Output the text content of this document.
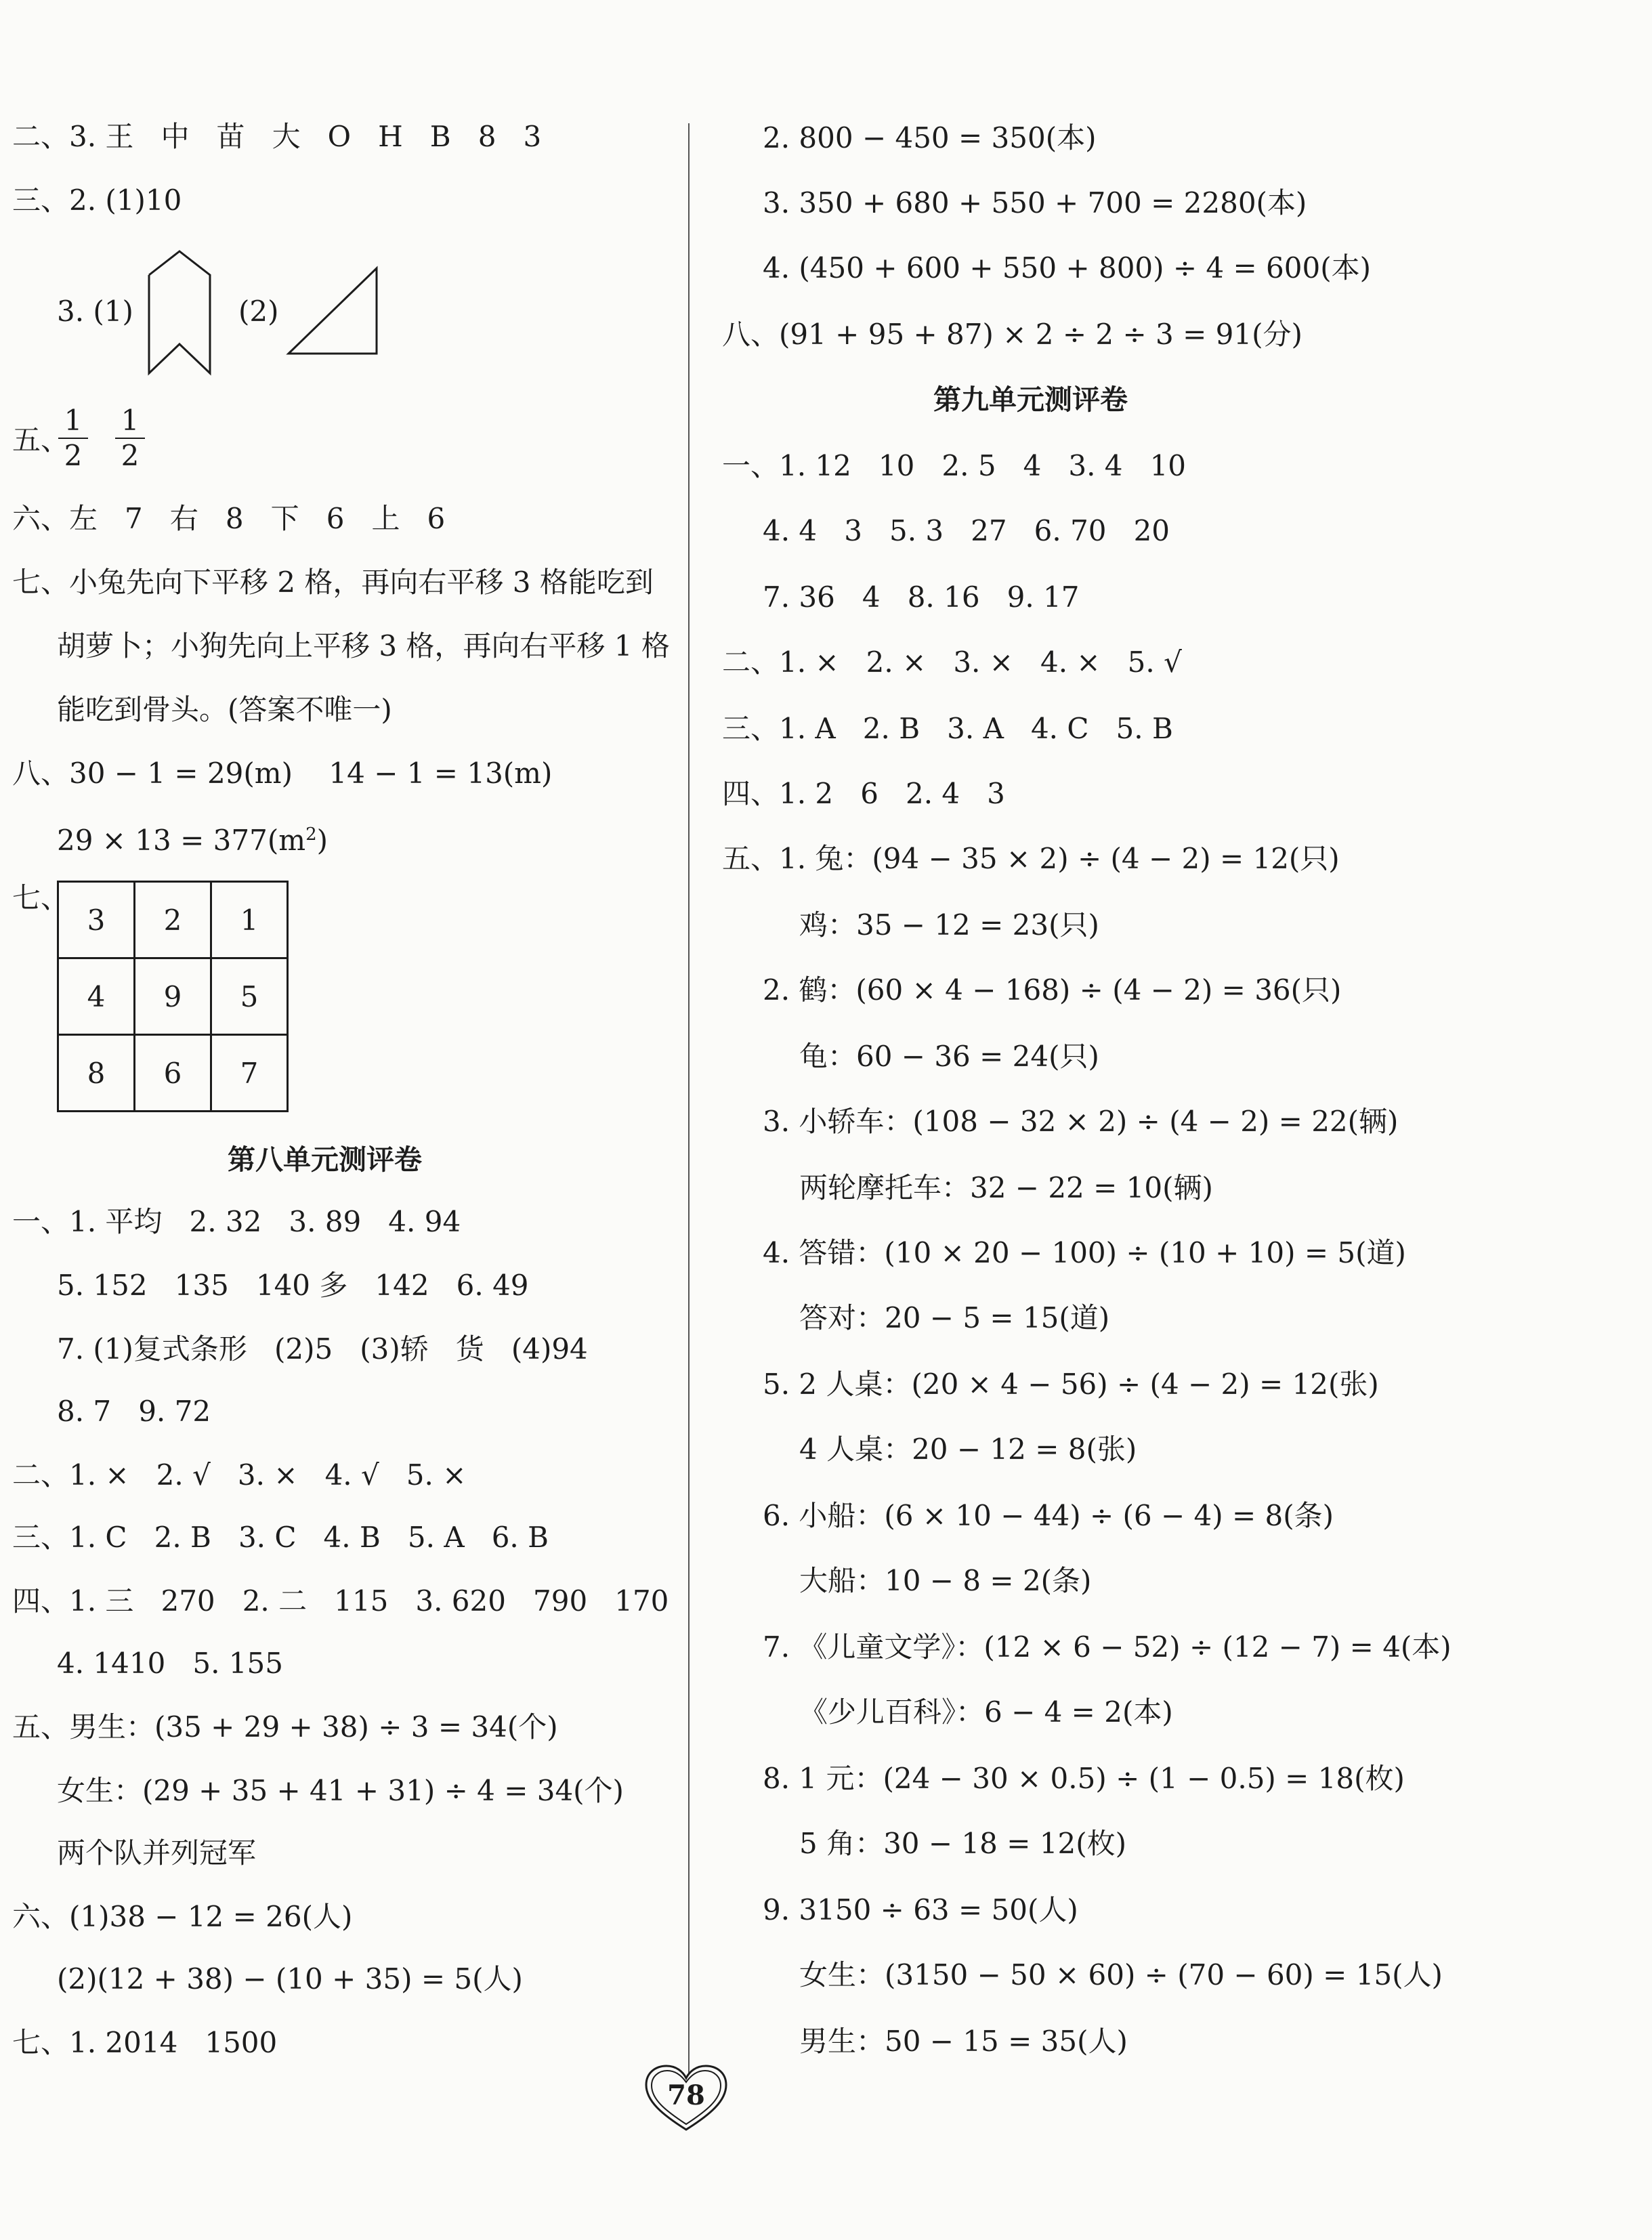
二、3. 王   中   苗   大   O   H   B   8   3
三、2. (1)10
3. (1)	(2)
五、
$\frac{1}{2} \frac{1}{2}$
六、左   7   右   8   下   6   上   6
七、小兔先向下平移 2 格，再向右平移 3 格能吃到
胡萝卜；小狗先向上平移 3 格，再向右平移 1 格
能吃到骨头。(答案不唯一)
八、30 − 1 = 29(m)    14 − 1 = 13(m)
$29 \times 13 = 377(m^2)$
七、
3	2	1
4	9	5
8	6	7
第八单元测评卷
一、1. 平均   2. 32   3. 89   4. 94
5. 152   135   140 多   142   6. 49
7. (1)复式条形   (2)5   (3)轿   货   (4)94
8. 7   9. 72
二、1. ×   2. √   3. ×   4. √   5. ×
三、1. C   2. B   3. C   4. B   5. A   6. B
四、1. 三   270   2. 二   115   3. 620   790   170
4. 1410   5. 155
五、男生：(35 + 29 + 38) ÷ 3 = 34(个)
女生：(29 + 35 + 41 + 31) ÷ 4 = 34(个)
两个队并列冠军
六、(1)38 − 12 = 26(人)
(2)(12 + 38) − (10 + 35) = 5(人)
七、1. 2014   1500
2. 800 − 450 = 350(本)
3. 350 + 680 + 550 + 700 = 2280(本)
4. (450 + 600 + 550 + 800) ÷ 4 = 600(本)
八、(91 + 95 + 87) × 2 ÷ 2 ÷ 3 = 91(分)
第九单元测评卷
一、1. 12   10   2. 5   4   3. 4   10
4. 4   3   5. 3   27   6. 70   20
7. 36   4   8. 16   9. 17
二、1. ×   2. ×   3. ×   4. ×   5. √
三、1. A   2. B   3. A   4. C   5. B
四、1. 2   6   2. 4   3
五、1. 兔：(94 − 35 × 2) ÷ (4 − 2) = 12(只)
鸡：35 − 12 = 23(只)
2. 鹤：(60 × 4 − 168) ÷ (4 − 2) = 36(只)
龟：60 − 36 = 24(只)
3. 小轿车：(108 − 32 × 2) ÷ (4 − 2) = 22(辆)
两轮摩托车：32 − 22 = 10(辆)
4. 答错：(10 × 20 − 100) ÷ (10 + 10) = 5(道)
答对：20 − 5 = 15(道)
5. 2 人桌：(20 × 4 − 56) ÷ (4 − 2) = 12(张)
4 人桌：20 − 12 = 8(张)
6. 小船：(6 × 10 − 44) ÷ (6 − 4) = 8(条)
大船：10 − 8 = 2(条)
7. 《儿童文学》：(12 × 6 − 52) ÷ (12 − 7) = 4(本)
《少儿百科》：6 − 4 = 2(本)
8. 1 元：(24 − 30 × 0.5) ÷ (1 − 0.5) = 18(枚)
5 角：30 − 18 = 12(枚)
9. 3150 ÷ 63 = 50(人)
女生：(3150 − 50 × 60) ÷ (70 − 60) = 15(人)
男生：50 − 15 = 35(人)
78
